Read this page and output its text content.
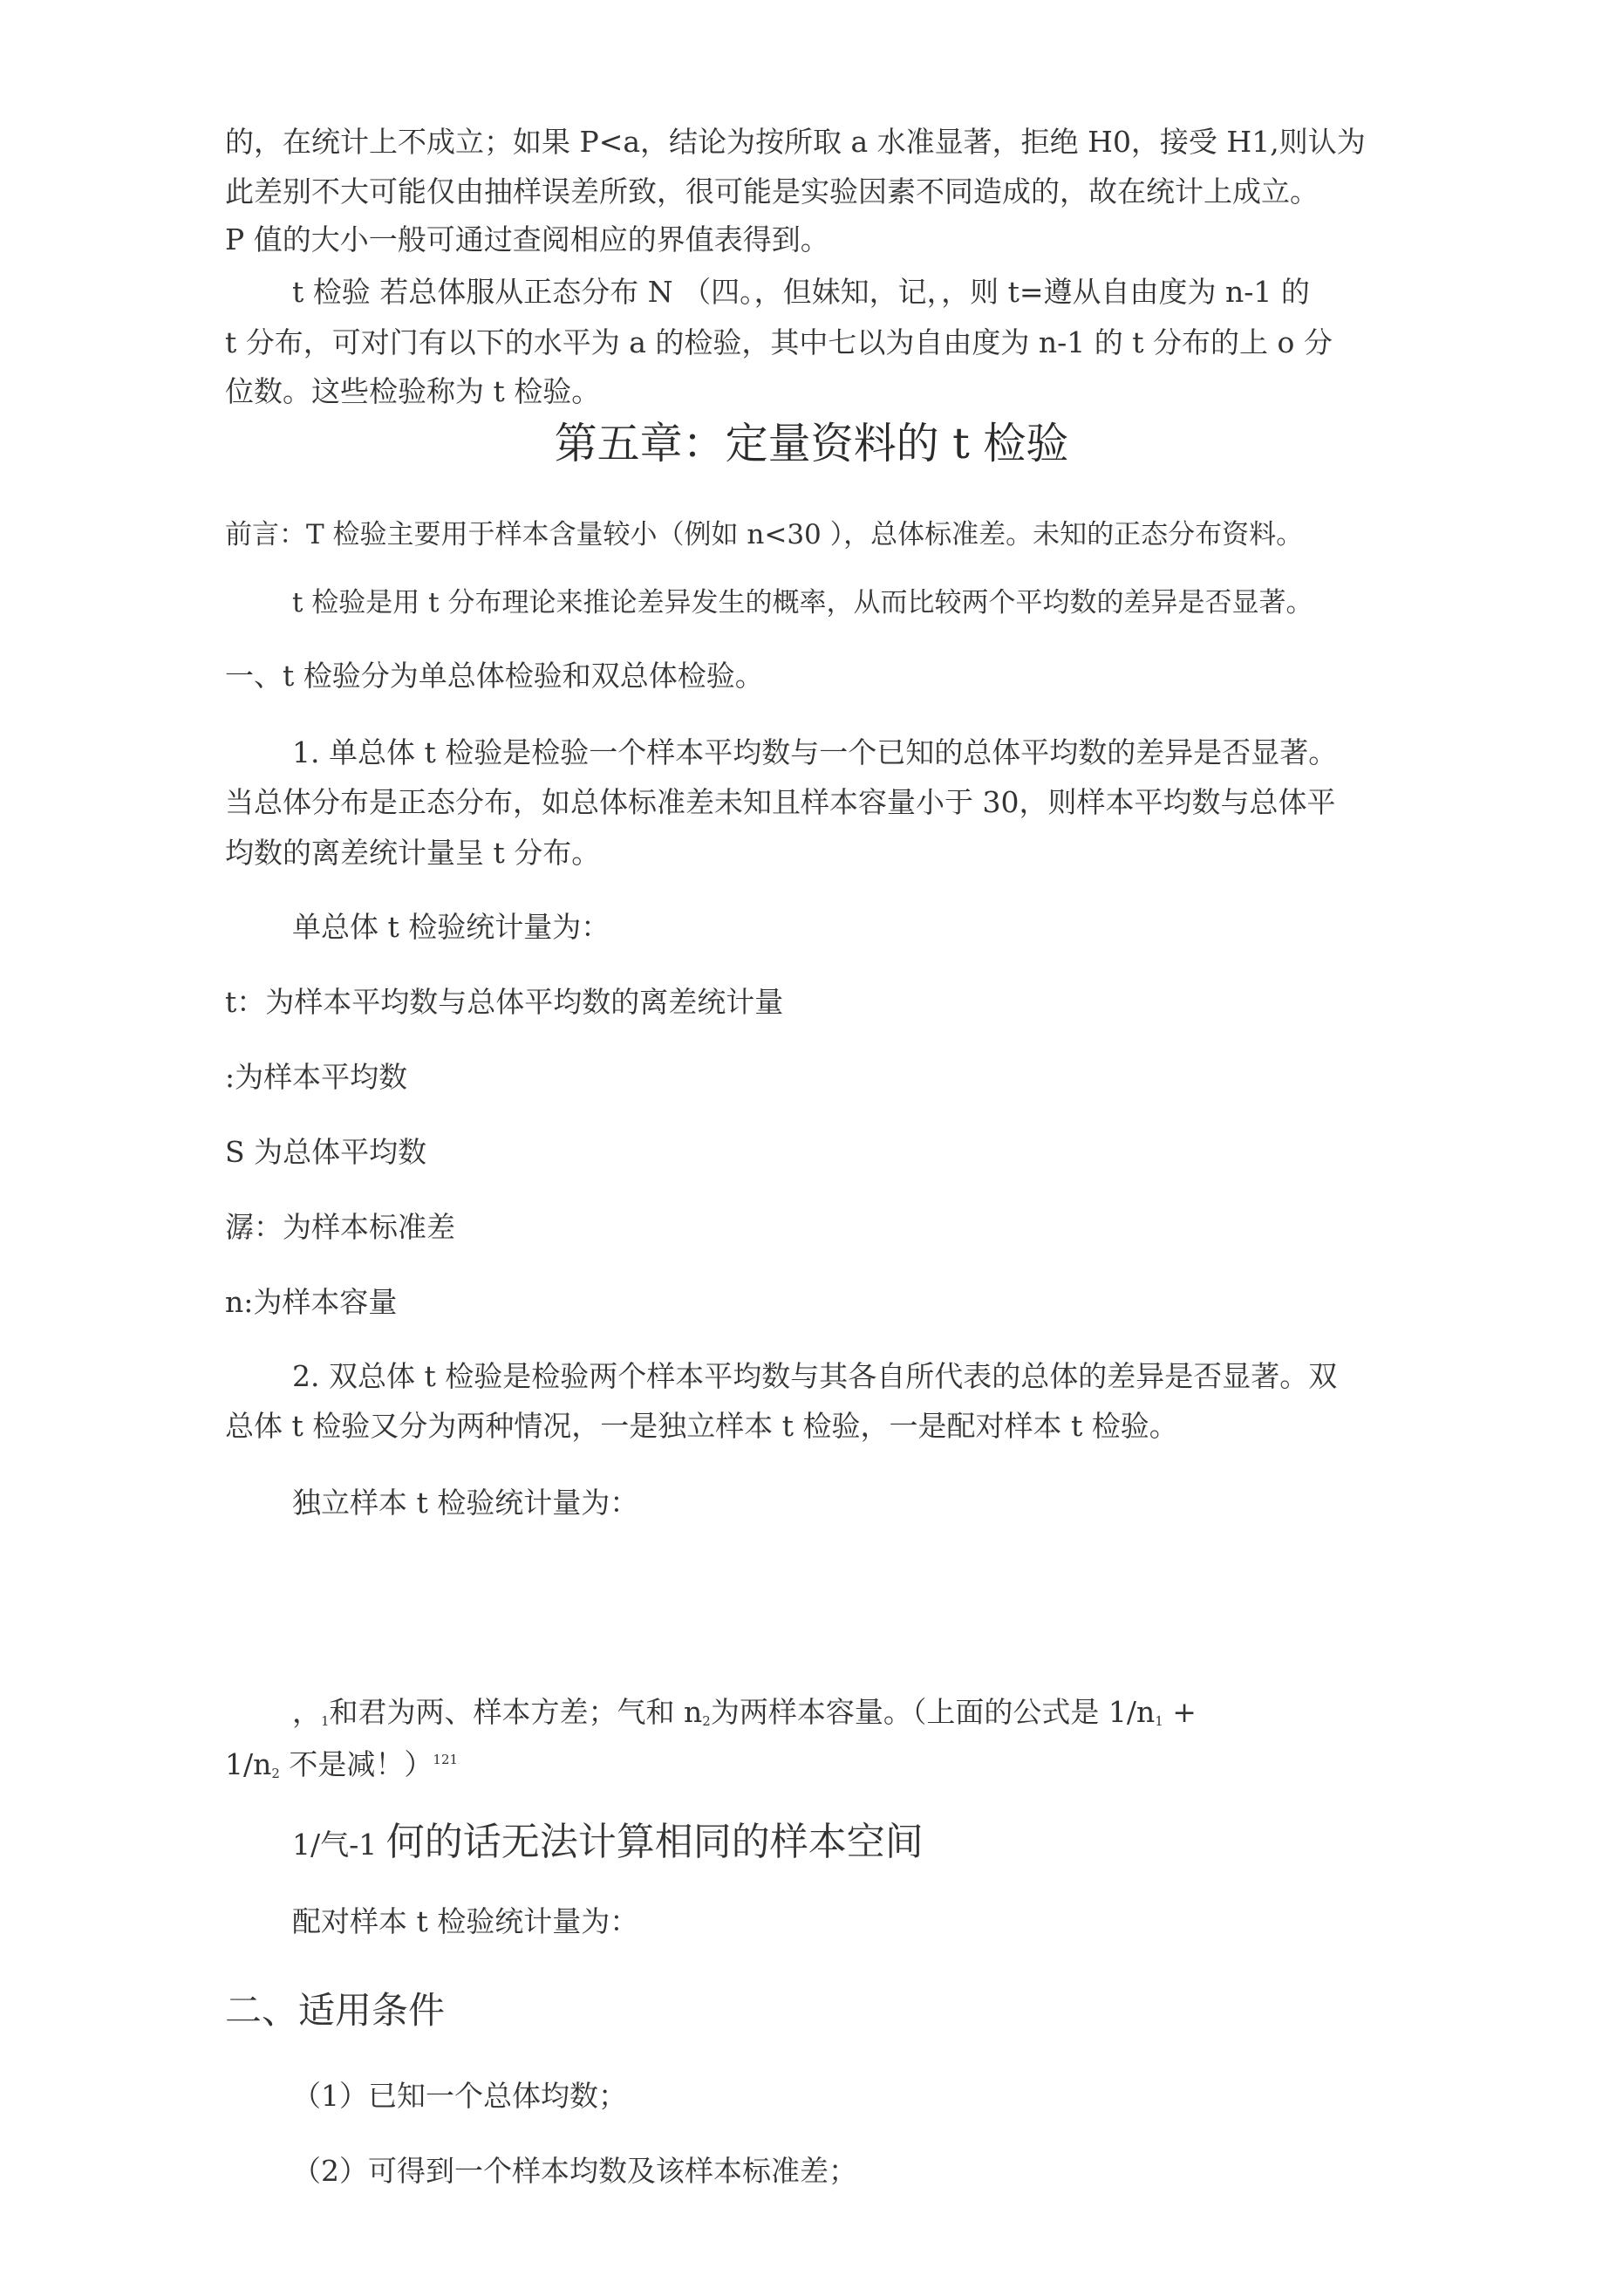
的，在统计上不成立；如果 P<a，结论为按所取 a 水准显著，拒绝 H0，接受 H1,则认为
此差别不大可能仅由抽样误差所致，很可能是实验因素不同造成的，故在统计上成立。
P 值的大小一般可通过查阅相应的界值表得到。
t 检验 若总体服从正态分布 N （四。，但妹知，记，，则 t=遵从自由度为 n-1 的
t 分布，可对门有以下的水平为 a 的检验，其中七以为自由度为 n-1 的 t 分布的上 o 分
位数。这些检验称为 t 检验。
第五章：定量资料的 t 检验
前言：T 检验主要用于样本含量较小（例如 n<30 ），总体标准差。未知的正态分布资料。
t 检验是用 t 分布理论来推论差异发生的概率，从而比较两个平均数的差异是否显著。
一、t 检验分为单总体检验和双总体检验。
1. 单总体 t 检验是检验一个样本平均数与一个已知的总体平均数的差异是否显著。
当总体分布是正态分布，如总体标准差未知且样本容量小于 30，则样本平均数与总体平
均数的离差统计量呈 t 分布。
单总体 t 检验统计量为：
t：为样本平均数与总体平均数的离差统计量
:为样本平均数
S 为总体平均数
潺：为样本标准差
n:为样本容量
2. 双总体 t 检验是检验两个样本平均数与其各自所代表的总体的差异是否显著。双
总体 t 检验又分为两种情况，一是独立样本 t 检验，一是配对样本 t 检验。
独立样本 t 检验统计量为：
，$_1$和君为两、样本方差；气和 $n_2$为两样本容量。（上面的公式是 $1/n_1$ +
$1/n_2$ 不是减！）$^{121}$
1/气-1 何的话无法计算相同的样本空间
配对样本 t 检验统计量为：
二、适用条件
（1）已知一个总体均数；
（2）可得到一个样本均数及该样本标准差；
